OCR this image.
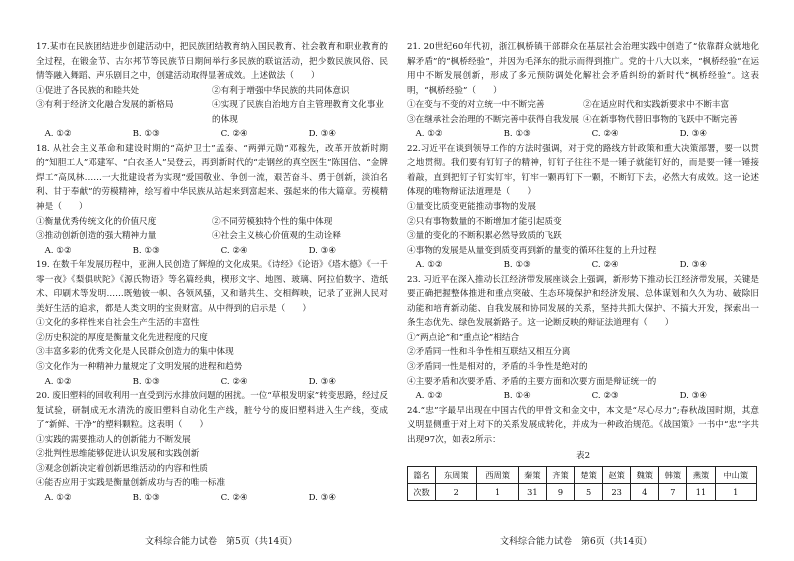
17.某市在民族团结进步创建活动中，把民族团结教育纳入国民教育、社会教育和职业教育的全过程，在锻金节、古尔邦节等民族节日期间举行多民族的联谊活动，把少数民族风俗、民情等融入舞蹈、声乐剧目之中，创建活动取得显著成效。上述做法（　　）

①促进了各民族的和睦共处	②有利于增强中华民族的共同体意识
③有利于经济文化融合发展的新格局	④实现了民族自治地方自主管理教育文化事业的体现
A. ①②	B. ①③	C. ②④	D. ③④

18. 从社会主义革命和建设时期的“高炉卫士”孟泰、“两弹元勋”邓稼先，改革开放新时期的“知胆工人”邓建军、“白衣圣人”吴登云，再到新时代的“走钢丝的真空医生”陈国信、“金牌焊工”高凤林……一大批建设者为实现“爱国敬业、争创一流，艰苦奋斗、勇于创新，淡泊名利、甘于奉献”的劳模精神，绘写着中华民族从站起来到富起来、强起来的伟大篇章。劳模精神是（　　）

①衡量优秀传统文化的价值尺度	②不同劳模独特个性的集中体现
③推动创新创造的强大精神力量	④社会主义核心价值观的生动诠释
A. ①②	B. ①③	C. ②④	D. ③④

19. 在数千年发展历程中，亚洲人民创造了辉煌的文化成果。《诗经》《论语》《塔木德》《一千零一夜》《梨俱吠陀》《源氏物语》等名篇经典，楔形文字、地图、玻璃、阿拉伯数字、造纸术、印刷术等发明……既勉彼一帜、各领风骚，又和谐共生、交相辉映，记录了亚洲人民对美好生活的追求，都是人类文明的宝贵财富。从中得到的启示是（　　）

①文化的多样性来自社会生产生活的丰富性

②历史积淀的厚度是衡量文化先进程度的尺度

③丰富多彩的优秀文化是人民群众创造力的集中体现

⑤文化作为一种精神力量规定了文明发展的进程和趋势

A. ①②	B. ①③	C. ②④	D. ③④

20. 废旧塑料的回收利用一直受到污水排放问题的困扰。一位“草根发明家”转变思路，经过反复试验，研制成无水清洗的废旧塑料自动化生产线，脏兮兮的废旧塑料进入生产线，变成了“新鲜、干净”的塑料颗粒。这表明（　　）

①实践的需要推动人的创新能力不断发展

②批判性思维能够促进认识发展和实践创新

③观念创新决定着创新思维活动的内容和性质

④能否应用于实践是衡量创新成功与否的唯一标准

A. ①②	B. ①③	C. ②④	D. ③④

21. 20世纪60年代初，浙江枫桥镇干部群众在基层社会治理实践中创造了“依靠群众就地化解矛盾”的“枫桥经验”，并因为毛泽东的批示而得到推广。党的十八大以来，“枫桥经验”在运用中不断发展创新，形成了多元预防调处化解社会矛盾纠纷的新时代“枫桥经验”。这表明，“枫桥经验”（　　）

①在变与不变的对立统一中不断完善	②在适应时代和实践新要求中不断丰富
③在继承社会治理的不断完善中获得自我发展 ④在新事物代替旧事物的飞跃中不断完善
A. ①②	B. ①③	C. ②④	D. ③④

22.习近平在谈到领导工作的方法时强调，对于党的路线方针政策和重大决策部署，要一以贯之地贯彻。我们要有钉钉子的精神，钉钉子往往不是一锤子就能钉好的，而是要一锤一锤接着敲，直到把钉子钉实钉牢，钉牢一颗再钉下一颗，不断钉下去，必然大有成效。这一论述体现的唯物辩证法道理是（　　）

①量变比质变更能推动事物的发展

②只有事物数量的不断增加才能引起质变

③量的变化的不断积累必然导致质的飞跃

④事物的发展是从量变到质变再到新的量变的循环往复的上升过程

A. ①②	B. ①③	C. ②④	D. ③④

23. 习近平在深入推动长江经济带发展座谈会上强调，新形势下推动长江经济带发展，关键是要正确把握整体推进和重点突破、生态环境保护和经济发展、总体谋划和久久为功、破除旧动能和培育新动能、自我发展和协同发展的关系，坚持共抓大保护、不搞大开发，探索出一条生态优先、绿色发展新路子。这一论断反映的辩证法道理有（　　）

①“两点论”和“重点论”相结合

②矛盾同一性和斗争性相互联结又相互分离

③矛盾同一性是相对的，矛盾的斗争性是绝对的

④主要矛盾和次要矛盾、矛盾的主要方面和次要方面是辩证统一的

A. ①②	B. ①④	C. ②③	D. ③④

24.“忠”字最早出现在中国古代的甲骨文和金文中，本文是“尽心尽力”;春秋战国时期，其意义明显侧重于对上对下的关系发展成转化，并成为一种政治规范。《战国策》一书中“忠”字共出现97次，如表2所示：

表2
篇名	东周策	西周策	秦策	齐策	楚策	赵策	魏策	韩策	燕策	中山策
次数	2	1	31	9	5	23	4	7	11	1
文科综合能力试卷　第5页（共14页）	文科综合能力试卷　第6页（共14页）
